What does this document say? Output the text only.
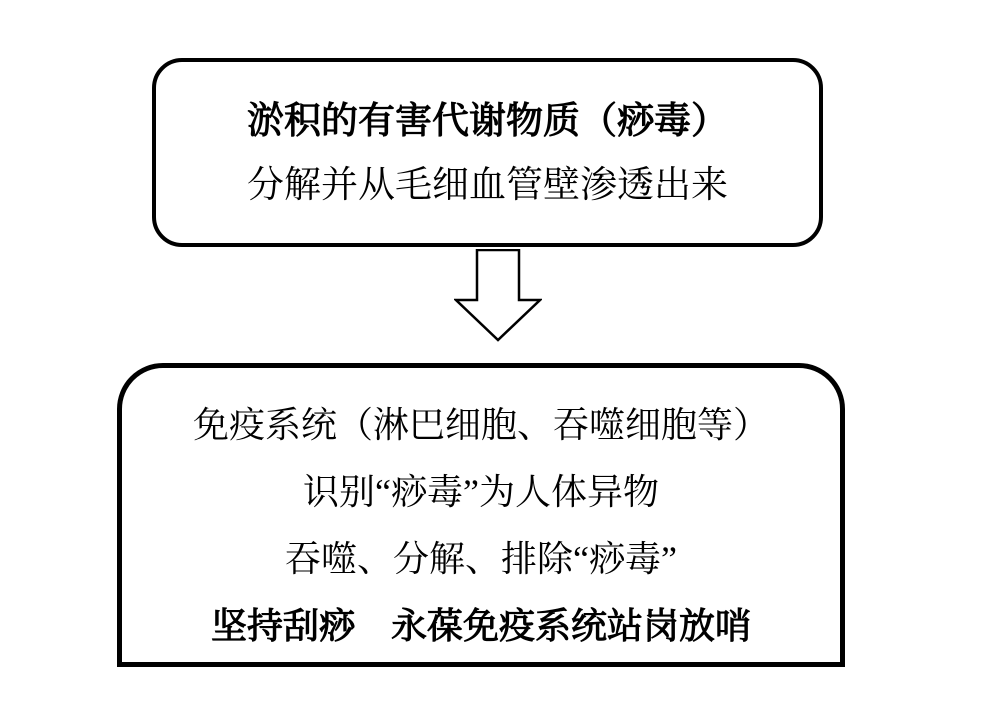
淤积的有害代谢物质（痧毒）
分解并从毛细血管壁渗透出来
免疫系统（淋巴细胞、吞噬细胞等）
识别“痧毒”为人体异物
吞噬、分解、排除“痧毒”
坚持刮痧　永葆免疫系统站岗放哨
